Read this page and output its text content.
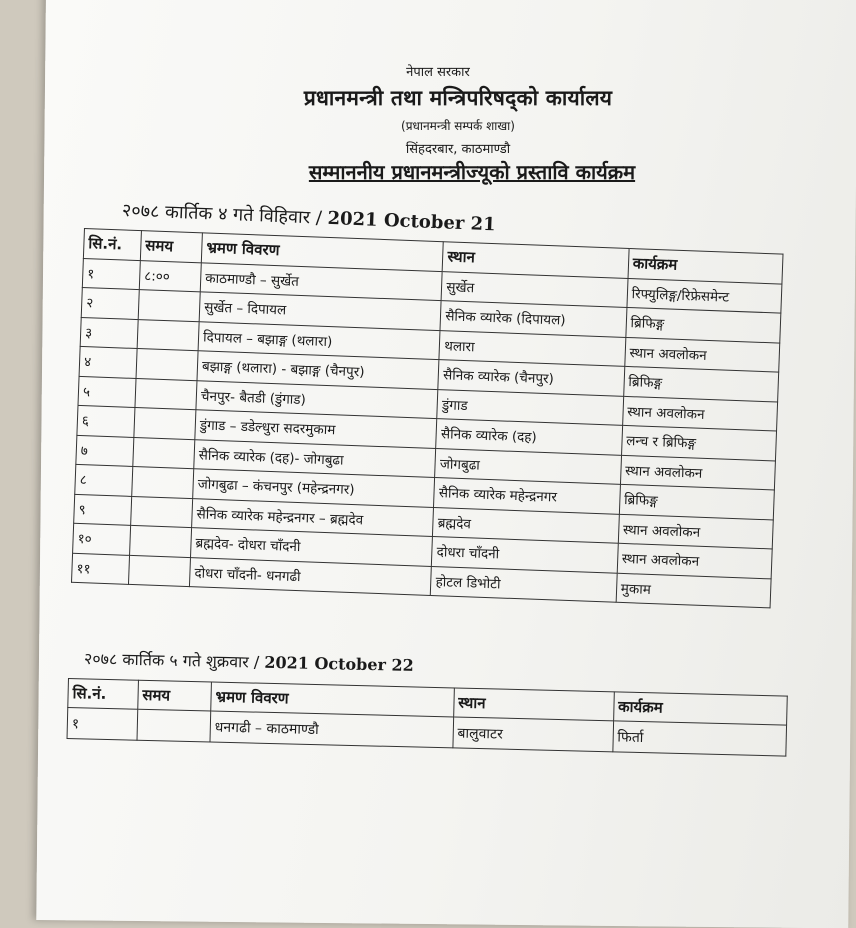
नेपाल सरकार
प्रधानमन्त्री तथा मन्त्रिपरिषद्को कार्यालय
(प्रधानमन्त्री सम्पर्क शाखा)
सिंहदरबार, काठमाण्डौ
सम्माननीय प्रधानमन्त्रीज्यूको प्रस्तावि कार्यक्रम
२०७८ कार्तिक ४ गते विहिवार / 2021 October 21
सि.नं.	समय	भ्रमण विवरण	स्थान	कार्यक्रम
१	८:००	काठमाण्डौ – सुर्खेत	सुर्खेत	रिफ्युलिङ्ग/रिफ्रेसमेन्ट
२		सुर्खेत – दिपायल	सैनिक व्यारेक (दिपायल)	ब्रिफिङ्ग
३		दिपायल – बझाङ्ग (थलारा)	थलारा	स्थान अवलोकन
४		बझाङ्ग (थलारा) - बझाङ्ग (चैनपुर)	सैनिक व्यारेक (चैनपुर)	ब्रिफिङ्ग
५		चैनपुर- बैतडी (डुंगाड)	डुंगाड	स्थान अवलोकन
६		डुंगाड – डडेल्धुरा सदरमुकाम	सैनिक व्यारेक (दह)	लन्च र ब्रिफिङ्ग
७		सैनिक व्यारेक (दह)- जोगबुढा	जोगबुढा	स्थान अवलोकन
८		जोगबुढा – कंचनपुर (महेन्द्रनगर)	सैनिक व्यारेक महेन्द्रनगर	ब्रिफिङ्ग
९		सैनिक व्यारेक महेन्द्रनगर – ब्रह्मदेव	ब्रह्मदेव	स्थान अवलोकन
१०		ब्रह्मदेव- दोधरा चाँदनी	दोधरा चाँदनी	स्थान अवलोकन
११		दोधरा चाँदनी- धनगढी	होटल डिभोटी	मुकाम
२०७८ कार्तिक ५ गते शुक्रवार / 2021 October 22
सि.नं.	समय	भ्रमण विवरण	स्थान	कार्यक्रम
१		धनगढी – काठमाण्डौ	बालुवाटर	फिर्ता
